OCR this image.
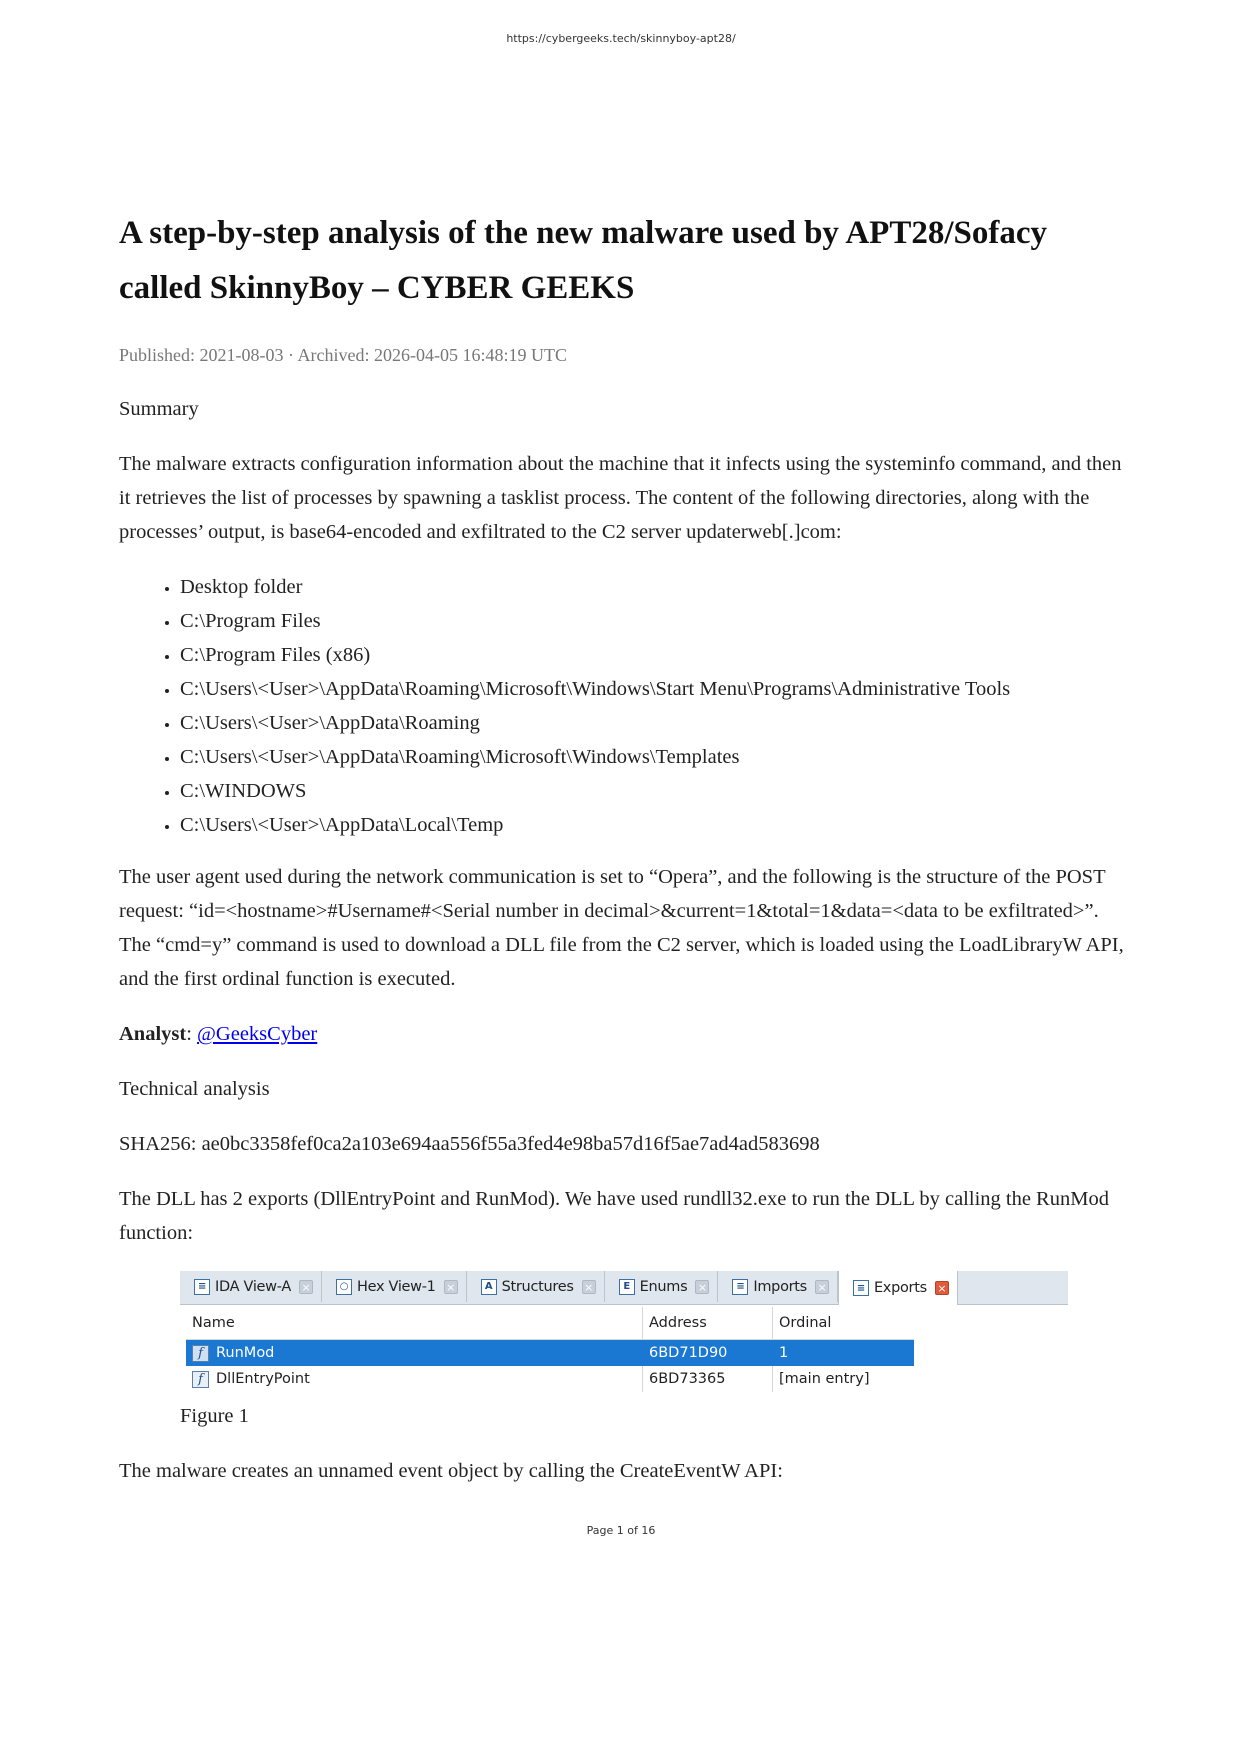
https://cybergeeks.tech/skinnyboy-apt28/
A step-by-step analysis of the new malware used by APT28/Sofacy called SkinnyBoy – CYBER GEEKS
Published: 2021-08-03 · Archived: 2026-04-05 16:48:19 UTC

Summary

The malware extracts configuration information about the machine that it infects using the systeminfo command, and then it retrieves the list of processes by spawning a tasklist process. The content of the following directories, along with the processes’ output, is base64-encoded and exfiltrated to the C2 server updaterweb[.]com:

• Desktop folder
• C:\Program Files
• C:\Program Files (x86)
• C:\Users\<User>\AppData\Roaming\Microsoft\Windows\Start Menu\Programs\Administrative Tools
• C:\Users\<User>\AppData\Roaming
• C:\Users\<User>\AppData\Roaming\Microsoft\Windows\Templates
• C:\WINDOWS
• C:\Users\<User>\AppData\Local\Temp

The user agent used during the network communication is set to “Opera”, and the following is the structure of the POST request: “id=<hostname>#Username#<Serial number in decimal>&current=1&total=1&data=<data to be exfiltrated>”. The “cmd=y” command is used to download a DLL file from the C2 server, which is loaded using the LoadLibraryW API, and the first ordinal function is executed.

Analyst: @GeeksCyber

Technical analysis

SHA256: ae0bc3358fef0ca2a103e694aa556f55a3fed4e98ba57d16f5ae7ad4ad583698

The DLL has 2 exports (DllEntryPoint and RunMod). We have used rundll32.exe to run the DLL by calling the RunMod function:

≡ IDA View-A ×	○ Hex View-1 ×	A Structures ×	E Enums ×	≡ Imports ×	≡ Exports ×
Name	Address	Ordinal
f RunMod	6BD71D90	1
f DllEntryPoint	6BD73365	[main entry]
Figure 1

The malware creates an unnamed event object by calling the CreateEventW API:

Page 1 of 16
